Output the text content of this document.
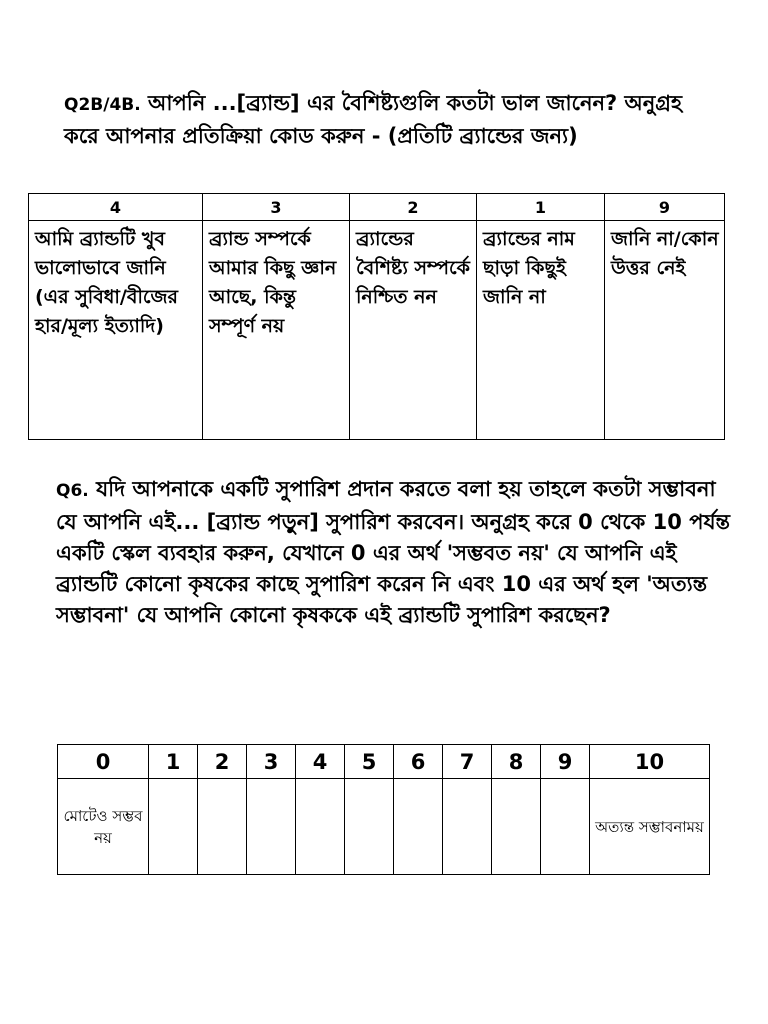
Q2B/4B. আপনি ...[ব্র্যান্ড] এর বৈশিষ্ট্যগুলি কতটা ভাল জানেন? অনুগ্রহ করে আপনার প্রতিক্রিয়া কোড করুন - (প্রতিটি ব্র্যান্ডের জন্য)

4	3	2	1	9
আমি ব্র্যান্ডটি খুব ভালোভাবে জানি (এর সুবিধা/বীজের হার/মূল্য ইত্যাদি)	ব্র্যান্ড সম্পর্কে আমার কিছু জ্ঞান আছে, কিন্তু সম্পূর্ণ নয়	ব্র্যান্ডের বৈশিষ্ট্য সম্পর্কে নিশ্চিত নন	ব্র্যান্ডের নাম ছাড়া কিছুই জানি না	জানি না/কোন উত্তর নেই

Q6. যদি আপনাকে একটি সুপারিশ প্রদান করতে বলা হয় তাহলে কতটা সম্ভাবনা যে আপনি এই... [ব্র্যান্ড পড়ুন] সুপারিশ করবেন। অনুগ্রহ করে 0 থেকে 10 পর্যন্ত একটি স্কেল ব্যবহার করুন, যেখানে 0 এর অর্থ 'সম্ভবত নয়' যে আপনি এই ব্র্যান্ডটি কোনো কৃষকের কাছে সুপারিশ করেন নি এবং 10 এর অর্থ হল 'অত্যন্ত সম্ভাবনা' যে আপনি কোনো কৃষককে এই ব্র্যান্ডটি সুপারিশ করছেন?

0	1	2	3	4	5	6	7	8	9	10
মোটেও সম্ভব নয়										অত্যন্ত সম্ভাবনাময়
